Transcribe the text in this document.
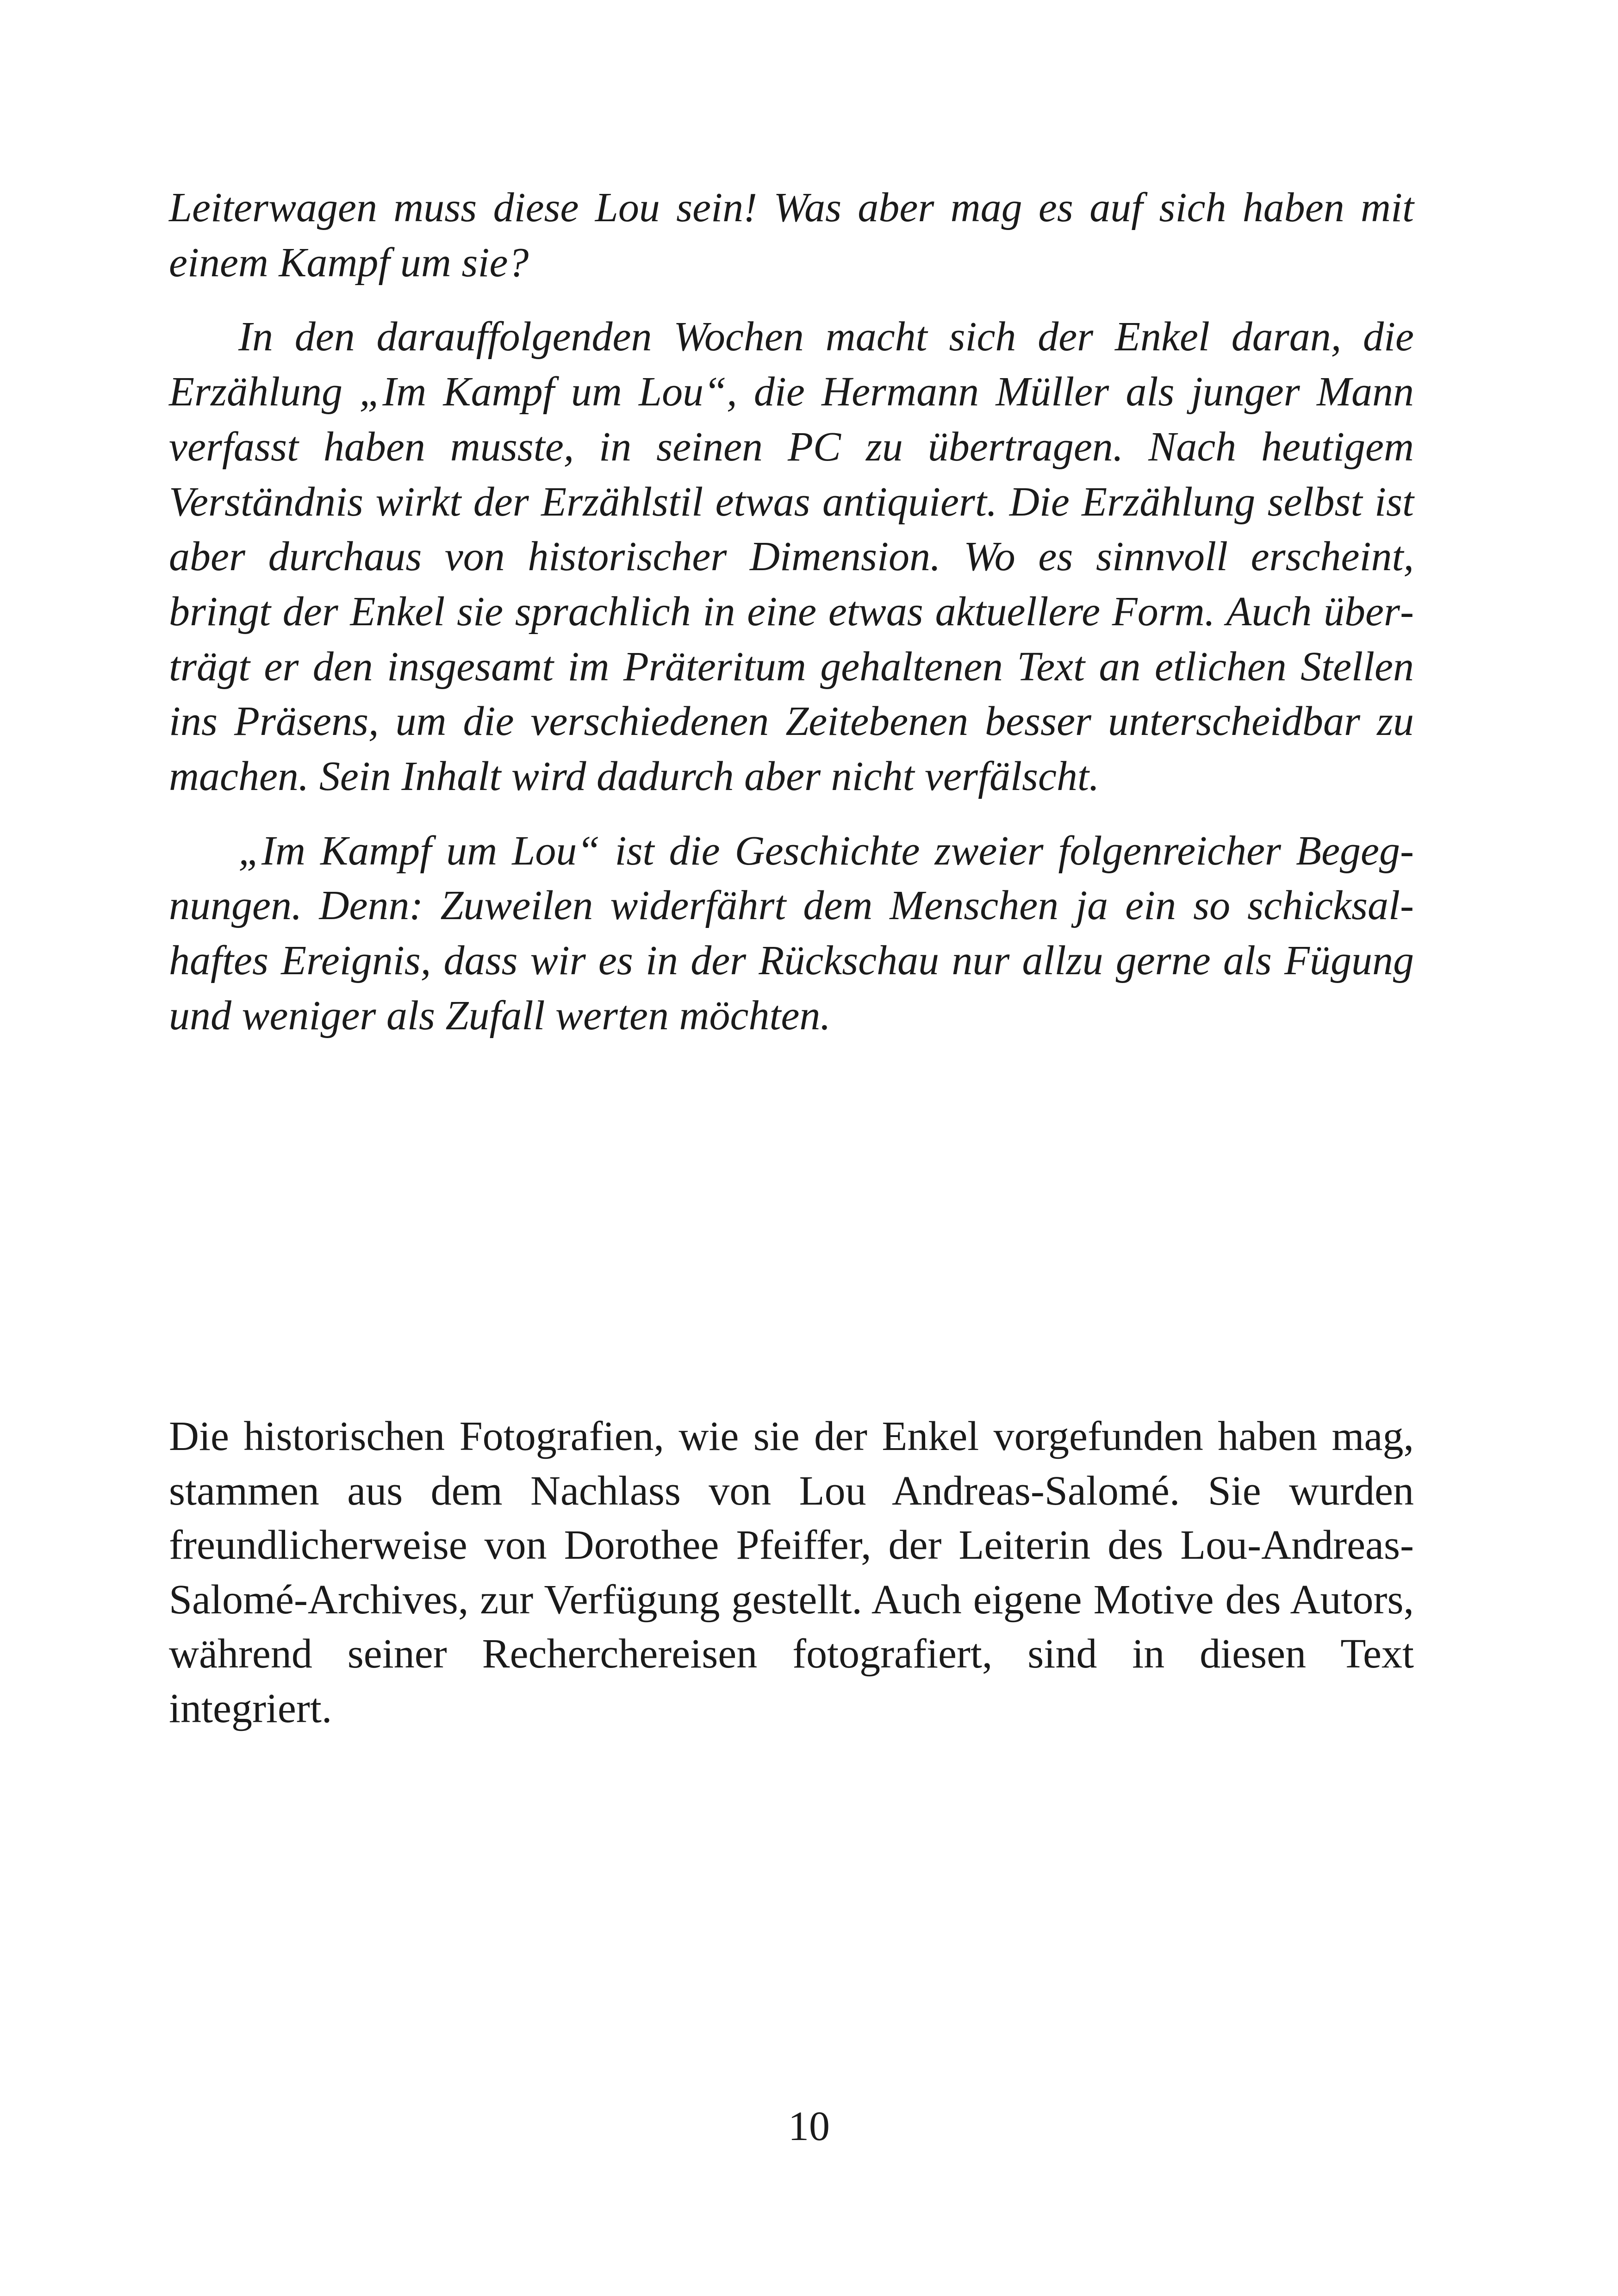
Leiterwagen muss diese Lou sein! Was aber mag es auf sich haben mit einem Kampf um sie?

In den darauffolgenden Wochen macht sich der Enkel daran, die Erzählung „Im Kampf um Lou“, die Hermann Müller als junger Mann verfasst haben musste, in seinen PC zu übertragen. Nach heutigem Verständnis wirkt der Erzählstil etwas antiquiert. Die Erzählung selbst ist aber durchaus von historischer Dimension. Wo es sinnvoll erscheint, bringt der Enkel sie sprachlich in eine etwas aktuellere Form. Auch überträgt er den insgesamt im Präteritum gehaltenen Text an etlichen Stellen ins Präsens, um die verschiedenen Zeitebenen besser unterscheidbar zu machen. Sein Inhalt wird dadurch aber nicht verfälscht.

„Im Kampf um Lou“ ist die Geschichte zweier folgenreicher Begegnungen. Denn: Zuweilen widerfährt dem Menschen ja ein so schicksalhaftes Ereignis, dass wir es in der Rückschau nur allzu gerne als Fügung und weniger als Zufall werten möchten.

Die historischen Fotografien, wie sie der Enkel vorgefunden haben mag, stammen aus dem Nachlass von Lou Andreas-Salomé. Sie wurden freundlicherweise von Dorothee Pfeiffer, der Leiterin des Lou-Andreas-Salomé-Archives, zur Verfügung gestellt. Auch eigene Motive des Autors, während seiner Recherchereisen fotografiert, sind in diesen Text integriert.

10
